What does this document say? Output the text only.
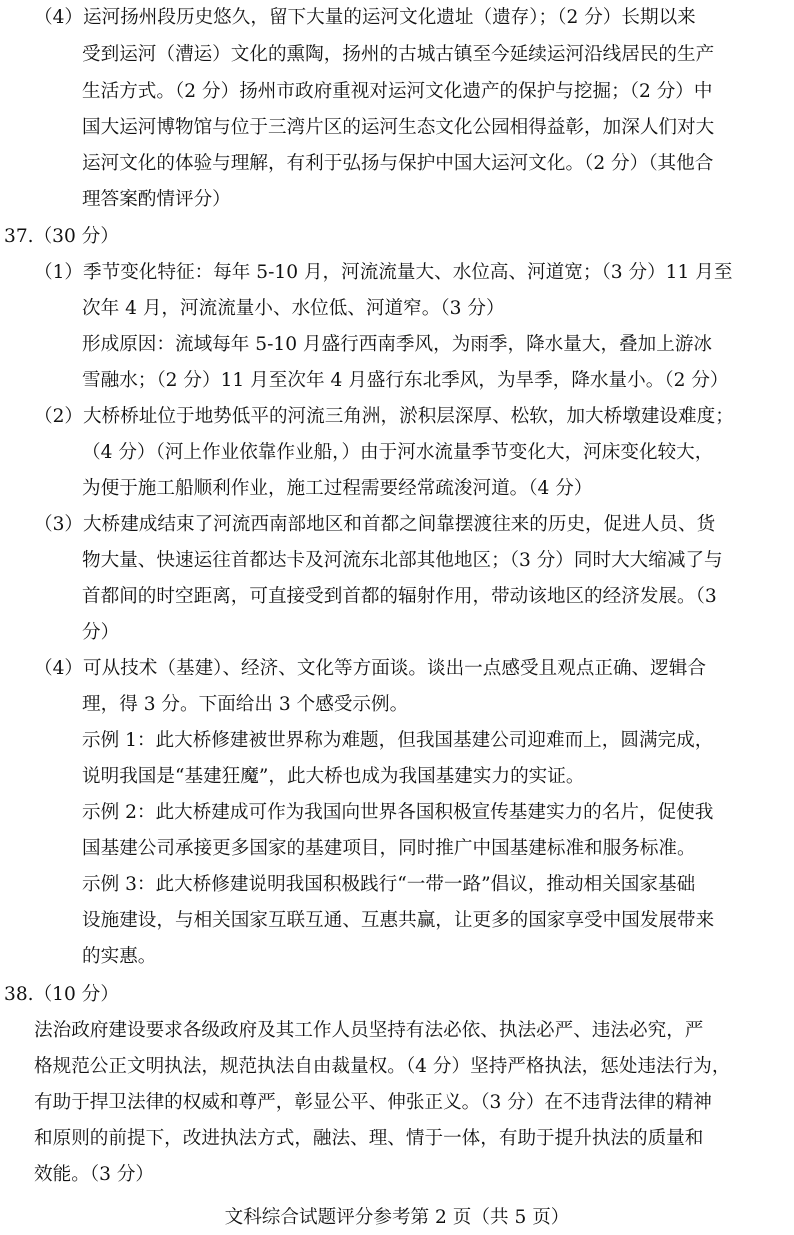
（4）运河扬州段历史悠久，留下大量的运河文化遗址（遗存）；（2 分）长期以来
受到运河（漕运）文化的熏陶，扬州的古城古镇至今延续运河沿线居民的生产
生活方式。（2 分）扬州市政府重视对运河文化遗产的保护与挖掘；（2 分）中
国大运河博物馆与位于三湾片区的运河生态文化公园相得益彰，加深人们对大
运河文化的体验与理解，有利于弘扬与保护中国大运河文化。（2 分）（其他合
理答案酌情评分）
37.（30 分）
（1）季节变化特征：每年 5-10 月，河流流量大、水位高、河道宽；（3 分）11 月至
次年 4 月，河流流量小、水位低、河道窄。（3 分）
形成原因：流域每年 5-10 月盛行西南季风，为雨季，降水量大，叠加上游冰
雪融水；（2 分）11 月至次年 4 月盛行东北季风，为旱季，降水量小。（2 分）
（2）大桥桥址位于地势低平的河流三角洲，淤积层深厚、松软，加大桥墩建设难度；
（4 分）（河上作业依靠作业船，）由于河水流量季节变化大，河床变化较大，
为便于施工船顺利作业，施工过程需要经常疏浚河道。（4 分）
（3）大桥建成结束了河流西南部地区和首都之间靠摆渡往来的历史，促进人员、货
物大量、快速运往首都达卡及河流东北部其他地区；（3 分）同时大大缩减了与
首都间的时空距离，可直接受到首都的辐射作用，带动该地区的经济发展。（3
分）
（4）可从技术（基建）、经济、文化等方面谈。谈出一点感受且观点正确、逻辑合
理，得 3 分。下面给出 3 个感受示例。
示例 1：此大桥修建被世界称为难题，但我国基建公司迎难而上，圆满完成，
说明我国是“基建狂魔”，此大桥也成为我国基建实力的实证。
示例 2：此大桥建成可作为我国向世界各国积极宣传基建实力的名片，促使我
国基建公司承接更多国家的基建项目，同时推广中国基建标准和服务标准。
示例 3：此大桥修建说明我国积极践行“一带一路”倡议，推动相关国家基础
设施建设，与相关国家互联互通、互惠共赢，让更多的国家享受中国发展带来
的实惠。
38.（10 分）
法治政府建设要求各级政府及其工作人员坚持有法必依、执法必严、违法必究，严
格规范公正文明执法，规范执法自由裁量权。（4 分）坚持严格执法，惩处违法行为，
有助于捍卫法律的权威和尊严，彰显公平、伸张正义。（3 分）在不违背法律的精神
和原则的前提下，改进执法方式，融法、理、情于一体，有助于提升执法的质量和
效能。（3 分）
文科综合试题评分参考第 2 页（共 5 页）
